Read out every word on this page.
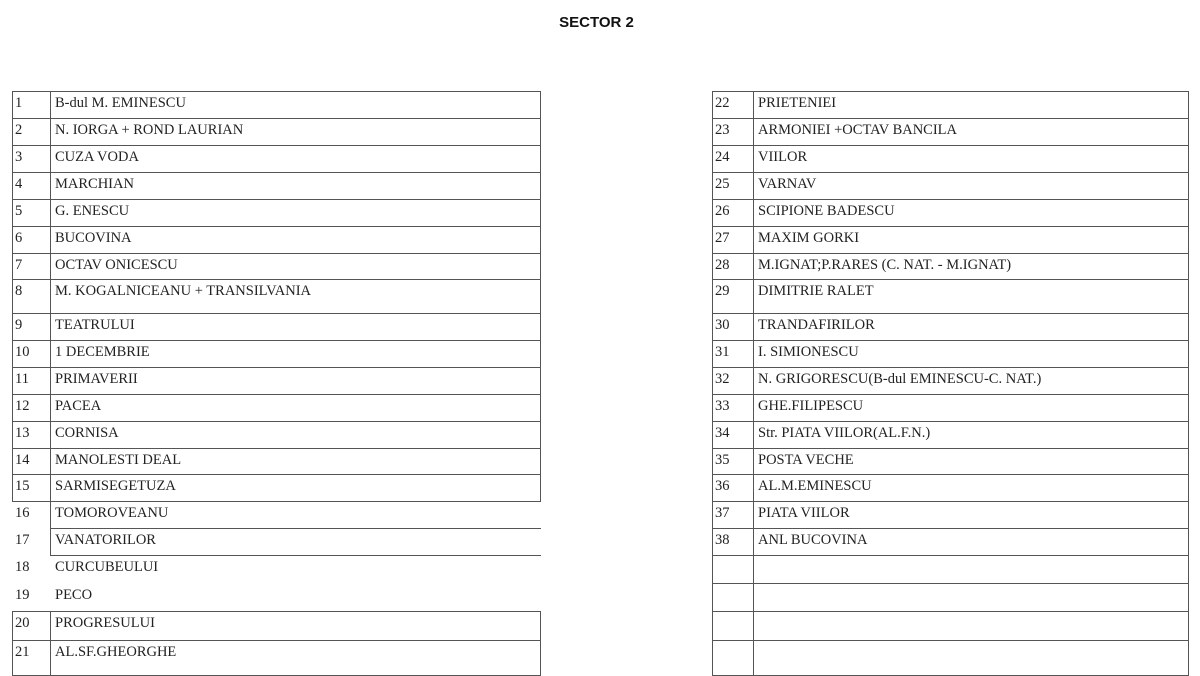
SECTOR 2
1	B-dul M. EMINESCU
2	N. IORGA + ROND LAURIAN
3	CUZA VODA
4	MARCHIAN
5	G. ENESCU
6	BUCOVINA
7	OCTAV ONICESCU
8	M. KOGALNICEANU + TRANSILVANIA
9	TEATRULUI
10	1 DECEMBRIE
11	PRIMAVERII
12	PACEA
13	CORNISA
14	MANOLESTI DEAL
15	SARMISEGETUZA
16	TOMOROVEANU
17	VANATORILOR
18	CURCUBEULUI
19	PECO
20	PROGRESULUI
21	AL.SF.GHEORGHE
22	PRIETENIEI
23	ARMONIEI +OCTAV BANCILA
24	VIILOR
25	VARNAV
26	SCIPIONE BADESCU
27	MAXIM GORKI
28	M.IGNAT;P.RARES (C. NAT. - M.IGNAT)
29	DIMITRIE RALET
30	TRANDAFIRILOR
31	I. SIMIONESCU
32	N. GRIGORESCU(B-dul EMINESCU-C. NAT.)
33	GHE.FILIPESCU
34	Str. PIATA VIILOR(AL.F.N.)
35	POSTA VECHE
36	AL.M.EMINESCU
37	PIATA VIILOR
38	ANL BUCOVINA
